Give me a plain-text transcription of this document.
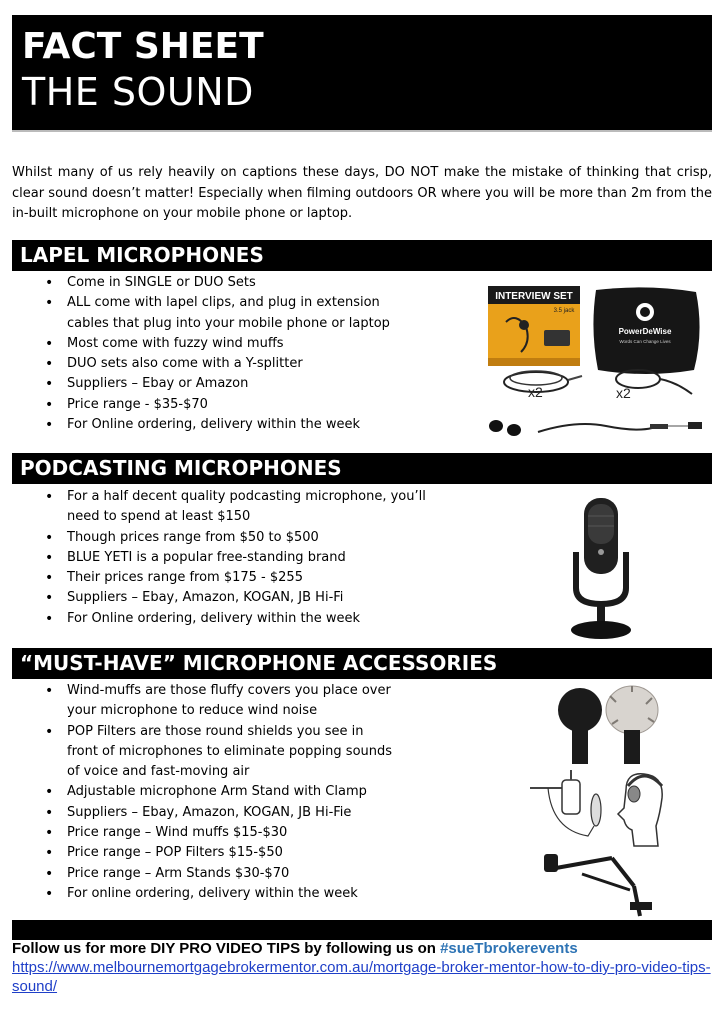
FACT SHEET
THE SOUND
Whilst many of us rely heavily on captions these days, DO NOT make the mistake of thinking that crisp, clear sound doesn’t matter! Especially when filming outdoors OR where you will be more than 2m from the in-built microphone on your mobile phone or laptop.
LAPEL MICROPHONES
• Come in SINGLE or DUO Sets
• ALL come with lapel clips, and plug in extension cables that plug into your mobile phone or laptop
• Most come with fuzzy wind muffs
• DUO sets also come with a Y-splitter
• Suppliers – Ebay or Amazon
• Price range - $35-$70
• For Online ordering, delivery within the week
INTERVIEW SET
3.5 jack
PowerDeWise
Words Can Change Lives
x2	x2
PODCASTING MICROPHONES
• For a half decent quality podcasting microphone, you’ll need to spend at least $150
• Though prices range from $50 to $500
• BLUE YETI is a popular free-standing brand
• Their prices range from $175 - $255
• Suppliers – Ebay, Amazon, KOGAN, JB Hi-Fi
• For Online ordering, delivery within the week
“MUST-HAVE” MICROPHONE ACCESSORIES
• Wind-muffs are those fluffy covers you place over your microphone to reduce wind noise
• POP Filters are those round shields you see in front of microphones to eliminate popping sounds of voice and fast-moving air
• Adjustable microphone Arm Stand with Clamp
• Suppliers – Ebay, Amazon, KOGAN, JB Hi-Fie
• Price range – Wind muffs $15-$30
• Price range – POP Filters $15-$50
• Price range – Arm Stands $30-$70
• For online ordering, delivery within the week
Follow us for more DIY PRO VIDEO TIPS by following us on #sueTbrokerevents
https://www.melbournemortgagebrokermentor.com.au/mortgage-broker-mentor-how-to-diy-pro-video-tips-sound/
